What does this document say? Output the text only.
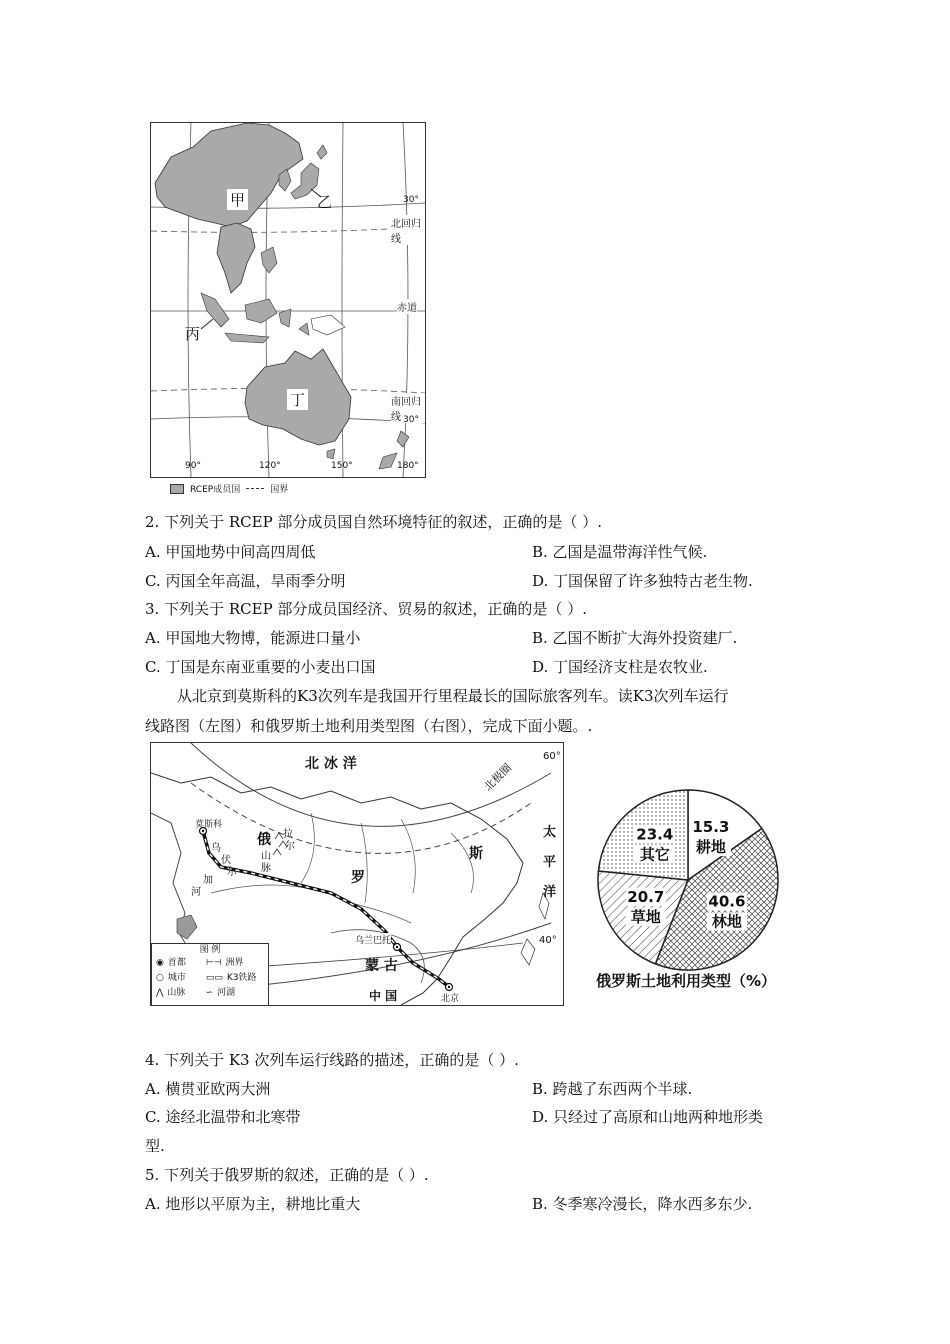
甲	乙
丙
丁
北回归线
赤道
南回归线
30°
30°
90°	120°	150°	180°
RCEP成员国	国界
2. 下列关于 RCEP 部分成员国自然环境特征的叙述，正确的是（ ）.
A. 甲国地势中间高四周低	B. 乙国是温带海洋性气候.
C. 丙国全年高温，旱雨季分明	D. 丁国保留了许多独特古老生物.
3. 下列关于 RCEP 部分成员国经济、贸易的叙述，正确的是（ ）.
A. 甲国地大物博，能源进口量小	B. 乙国不断扩大海外投资建厂.
C. 丁国是东南亚重要的小麦出口国	D. 丁国经济支柱是农牧业.
从北京到莫斯科的K3次列车是我国开行里程最长的国际旅客列车。读K3次列车运行
线路图（左图）和俄罗斯土地利用类型图（右图），完成下面小题。.
北 冰 洋	北极圈
60°
40°
太
平
洋
俄
罗
斯
蒙 古
中 国
莫斯科
乌兰巴托
北京
乌
拉
尔
山
脉
伏
尔
加
河
图 例
◉ 首都	⊢⊣ 洲界
○ 城市	▭▭ K3铁路
⋀ 山脉	∽ 河湖
15.3
耕地
40.6
林地
20.7
草地
23.4
其它
俄罗斯土地利用类型（%）
4. 下列关于 K3 次列车运行线路的描述，正确的是（ ）.
A. 横贯亚欧两大洲	B. 跨越了东西两个半球.
C. 途经北温带和北寒带	D. 只经过了高原和山地两种地形类
型.
5. 下列关于俄罗斯的叙述，正确的是（ ）.
A. 地形以平原为主，耕地比重大	B. 冬季寒冷漫长，降水西多东少.
